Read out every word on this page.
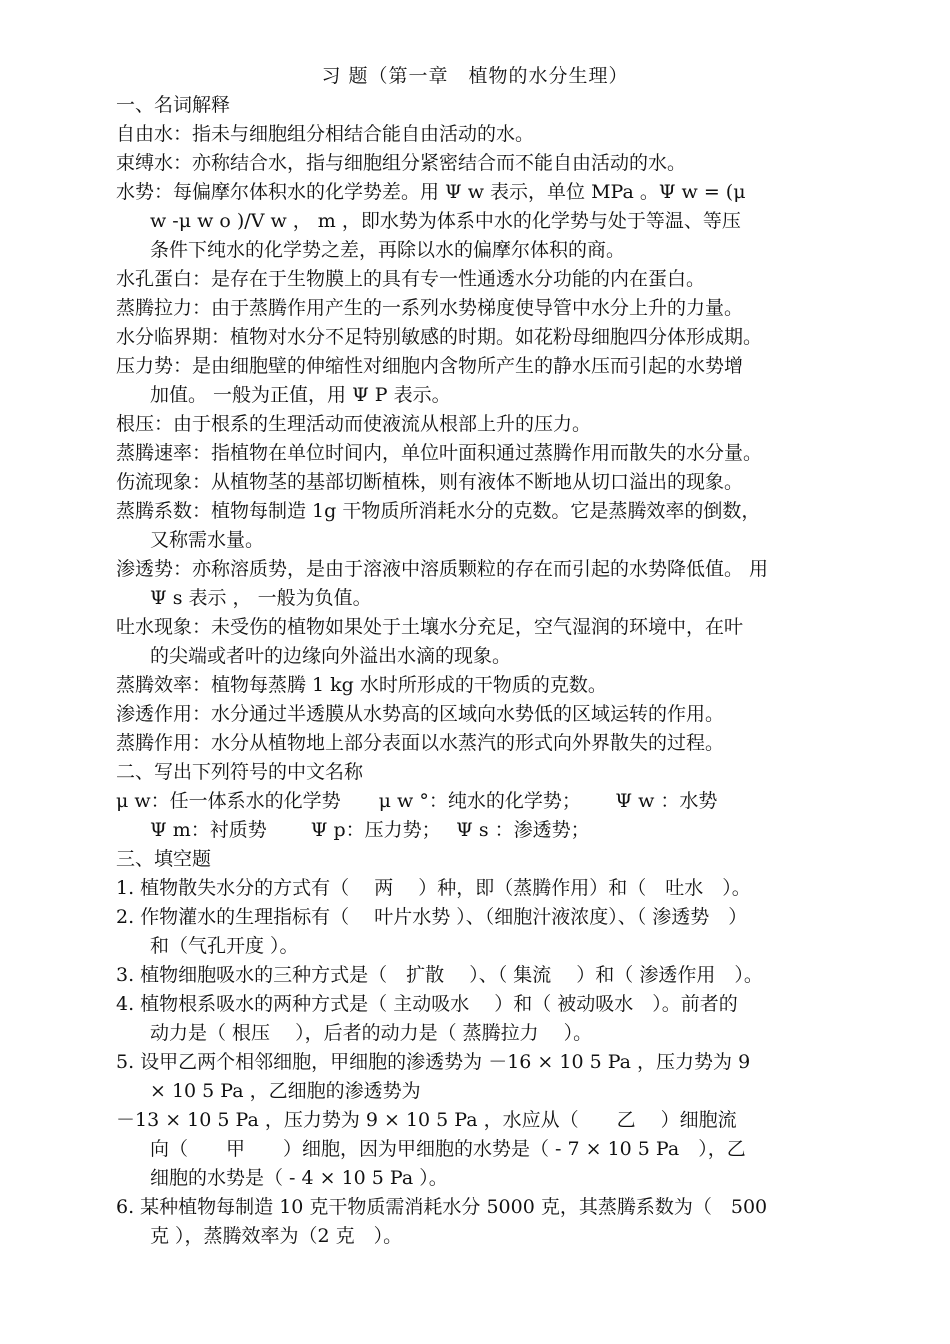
习 题（第一章　植物的水分生理）
一、名词解释
自由水：指未与细胞组分相结合能自由活动的水。
束缚水：亦称结合水，指与细胞组分紧密结合而不能自由活动的水。
水势：每偏摩尔体积水的化学势差。用 Ψ w 表示，单位 MPa 。Ψ w = (μ
w -μ w o )/V w ， m ，即水势为体系中水的化学势与处于等温、等压
条件下纯水的化学势之差，再除以水的偏摩尔体积的商。
水孔蛋白：是存在于生物膜上的具有专一性通透水分功能的内在蛋白。
蒸腾拉力：由于蒸腾作用产生的一系列水势梯度使导管中水分上升的力量。
水分临界期：植物对水分不足特别敏感的时期。如花粉母细胞四分体形成期。
压力势：是由细胞壁的伸缩性对细胞内含物所产生的静水压而引起的水势增
加值。 一般为正值，用 Ψ P 表示。
根压：由于根系的生理活动而使液流从根部上升的压力。
蒸腾速率：指植物在单位时间内，单位叶面积通过蒸腾作用而散失的水分量。
伤流现象：从植物茎的基部切断植株，则有液体不断地从切口溢出的现象。
蒸腾系数：植物每制造 1g 干物质所消耗水分的克数。它是蒸腾效率的倒数，
又称需水量。
渗透势：亦称溶质势，是由于溶液中溶质颗粒的存在而引起的水势降低值。 用
Ψ s 表示 ， 一般为负值。
吐水现象：未受伤的植物如果处于土壤水分充足，空气湿润的环境中，在叶
的尖端或者叶的边缘向外溢出水滴的现象。
蒸腾效率：植物每蒸腾 1 kg 水时所形成的干物质的克数。
渗透作用：水分通过半透膜从水势高的区域向水势低的区域运转的作用。
蒸腾作用：水分从植物地上部分表面以水蒸汽的形式向外界散失的过程。
二、写出下列符号的中文名称
μ w：任一体系水的化学势　　μ w °：纯水的化学势；　　 Ψ w ：水势
Ψ m：衬质势　　 Ψ p：压力势；　 Ψ s ：渗透势；
三、填空题
1. 植物散失水分的方式有（　 两　 ）种，即（蒸腾作用）和（　吐水　）。
2. 作物灌水的生理指标有（　 叶片水势 ）、（细胞汁液浓度）、（ 渗透势　）
和（气孔开度 ）。
3. 植物细胞吸水的三种方式是（　扩散　 ）、（ 集流　 ）和（ 渗透作用　）。
4. 植物根系吸水的两种方式是（ 主动吸水　 ）和（ 被动吸水　）。前者的
动力是（ 根压　 ），后者的动力是（ 蒸腾拉力　 ）。
5. 设甲乙两个相邻细胞，甲细胞的渗透势为 －16 × 10 5 Pa ，压力势为 9
× 10 5 Pa ，乙细胞的渗透势为
－13 × 10 5 Pa ，压力势为 9 × 10 5 Pa ，水应从（　　乙　 ）细胞流
向（　　甲　　）细胞，因为甲细胞的水势是（ - 7 × 10 5 Pa　），乙
细胞的水势是（ - 4 × 10 5 Pa ）。
6. 某种植物每制造 10 克干物质需消耗水分 5000 克，其蒸腾系数为（　500
克 ），蒸腾效率为（2 克　）。
